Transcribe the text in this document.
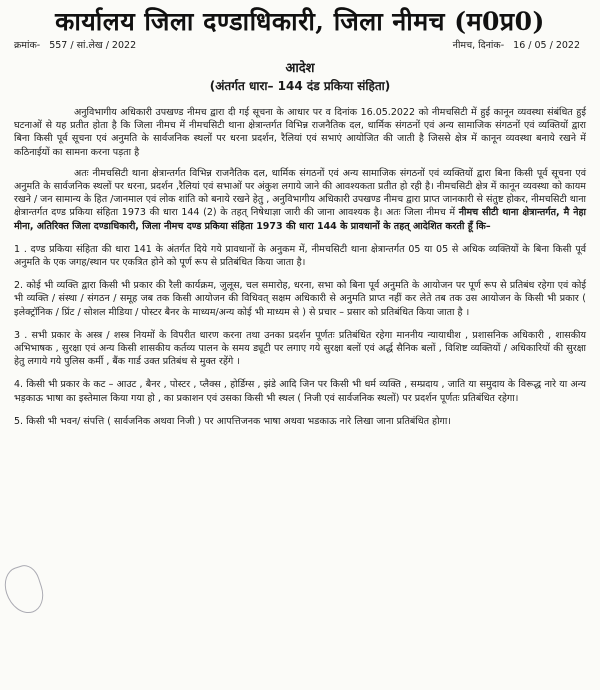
कार्यालय जिला दण्डाधिकारी, जिला नीमच (म0प्र0)
क्रमांक- 557 / सां.लेख / 2022	नीमच, दिनांक- 16 / 05 / 2022
आदेश
(अंतर्गत धारा– 144 दंड प्रकिया संहिता)

अनुविभागीय अधिकारी उपखण्ड नीमच द्वारा दी गई सूचना के आधार पर व दिनांक 16.05.2022 को नीमचसिटी में हुई कानून व्यवस्था संबंधित हुई घटनाओं से यह प्रतीत होता है कि जिला नीमच में नीमचसिटी थाना क्षेत्रान्तर्गत विभिन्न राजनैतिक दल, धार्मिक संगठनों एवं अन्य सामाजिक संगठनों एवं व्यक्तियों द्वारा बिना किसी पूर्व सूचना एवं अनुमति के सार्वजनिक स्थलों पर धरना प्रदर्शन, रैलियां एवं सभाएं आयोजित की जाती है जिससे क्षेत्र में कानून व्यवस्था बनाये रखने में कठिनाईयों का सामना करना पड़ता है

अतः नीमचसिटी थाना क्षेत्रान्तर्गत विभिन्न राजनैतिक दल, धार्मिक संगठनों एवं अन्य सामाजिक संगठनों एवं व्यक्तियों द्वारा बिना किसी पूर्व सूचना एवं अनुमति के सार्वजनिक स्थलों पर धरना, प्रदर्शन ,रैलियां एवं सभाओं पर अंकुश लगाये जाने की आवश्यकता प्रतीत हो रही है। नीमचसिटी क्षेत्र में कानून व्यवस्था को कायम रखने / जन सामान्य के हित /जानमाल एवं लोक शांति को बनाये रखने हेतु , अनुविभागीय अधिकारी उपखण्ड नीमच द्वारा प्राप्त जानकारी से संतुष्ट होकर, नीमचसिटी थाना क्षेत्रान्तर्गत दण्ड प्रकिया संहिता 1973 की धारा 144 (2) के तहत् निषेधाज्ञा जारी की जाना आवश्यक है। अतः जिला नीमच में नीमच सीटी थाना क्षेत्रान्तर्गत, मै नेहा मीना, अतिरिक्त जिला दण्डाधिकारी, जिला नीमच दण्ड प्रकिया संहिता 1973 की धारा 144 के प्रावधानों के तहत् आदेशित करती हूँ कि–

1 . दण्ड प्रकिया संहिता की धारा 141 के अंतर्गत दिये गये प्रावधानों के अनुकम में, नीमचसिटी थाना क्षेत्रान्तर्गत 05 या 05 से अधिक व्यक्तियों के बिना किसी पूर्व अनुमति के एक जगह/स्थान पर एकत्रित होने को पूर्ण रूप से प्रतिबंधित किया जाता है।

2. कोई भी व्यक्ति द्वारा किसी भी प्रकार की रैली कार्यक्रम, जुलूस, चल समारोह, धरना, सभा को बिना पूर्व अनुमति के आयोजन पर पूर्ण रूप से प्रतिबंध रहेगा एवं कोई भी व्यक्ति / संस्था / संगठन / समूह जब तक किसी आयोजन की विधिवत् सक्षम अधिकारी से अनुमति प्राप्त नहीं कर लेते तब तक उस आयोजन के किसी भी प्रकार ( इलेक्ट्रॉनिक / प्रिंट / सोशल मीडिया / पोस्टर बैनर के माध्यम/अन्य कोई भी माध्यम से ) से प्रचार – प्रसार को प्रतिबंधित किया जाता है ।

3 . सभी प्रकार के अस्त्र / शस्त्र नियमों के विपरीत धारण करना तथा उनका प्रदर्शन पूर्णतः प्रतिबंधित रहेगा माननीय न्यायाधीश , प्रशासनिक अधिकारी , शासकीय अभिभाषक , सुरक्षा एवं अन्य किसी शासकीय कर्तव्य पालन के समय ड्यूटी पर लगाए गये सुरक्षा बलों एवं अर्द्ध सैनिक बलों , विशिष्ट व्यक्तियों / अधिकारियों की सुरक्षा हेतु लगाये गये पुलिस कर्मी , बैंक गार्ड उक्त प्रतिबंध से मुक्त रहेंगे ।

4. किसी भी प्रकार के कट – आउट , बैनर , पोस्टर , प्लैक्स , होर्डिग्स , झंडे आदि जिन पर किसी भी धर्म व्यक्ति , सम्प्रदाय , जाति या समुदाय के विरूद्ध नारे या अन्य भड़काऊ भाषा का इस्तेमाल किया गया हो , का प्रकाशन एवं उसका किसी भी स्थल ( निजी एवं सार्वजनिक स्थलों) पर प्रदर्शन पूर्णतः प्रतिबंधित रहेगा।

5. किसी भी भवन/ संपत्ति ( सार्वजनिक अथवा निजी ) पर आपत्तिजनक भाषा अथवा भडकाऊ नारे लिखा जाना प्रतिबंधित होगा।
